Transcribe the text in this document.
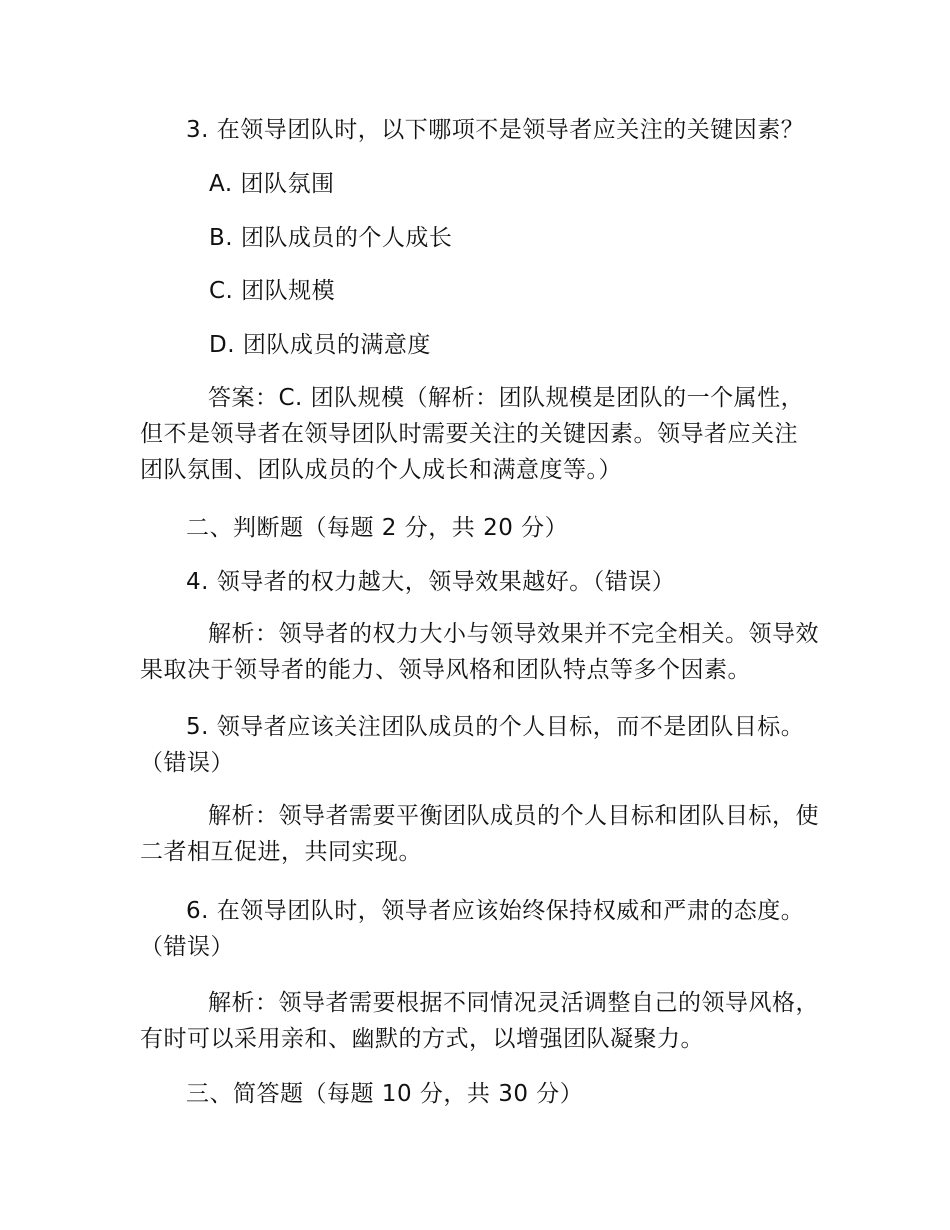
3. 在领导团队时，以下哪项不是领导者应关注的关键因素？
A. 团队氛围
B. 团队成员的个人成长
C. 团队规模
D. 团队成员的满意度
答案：C. 团队规模（解析：团队规模是团队的一个属性，但不是领导者在领导团队时需要关注的关键因素。领导者应关注团队氛围、团队成员的个人成长和满意度等。）
二、判断题（每题 2 分，共 20 分）
4. 领导者的权力越大，领导效果越好。（错误）
解析：领导者的权力大小与领导效果并不完全相关。领导效果取决于领导者的能力、领导风格和团队特点等多个因素。
5. 领导者应该关注团队成员的个人目标，而不是团队目标。
（错误）
解析：领导者需要平衡团队成员的个人目标和团队目标，使二者相互促进，共同实现。
6. 在领导团队时，领导者应该始终保持权威和严肃的态度。
（错误）
解析：领导者需要根据不同情况灵活调整自己的领导风格，有时可以采用亲和、幽默的方式，以增强团队凝聚力。
三、简答题（每题 10 分，共 30 分）
